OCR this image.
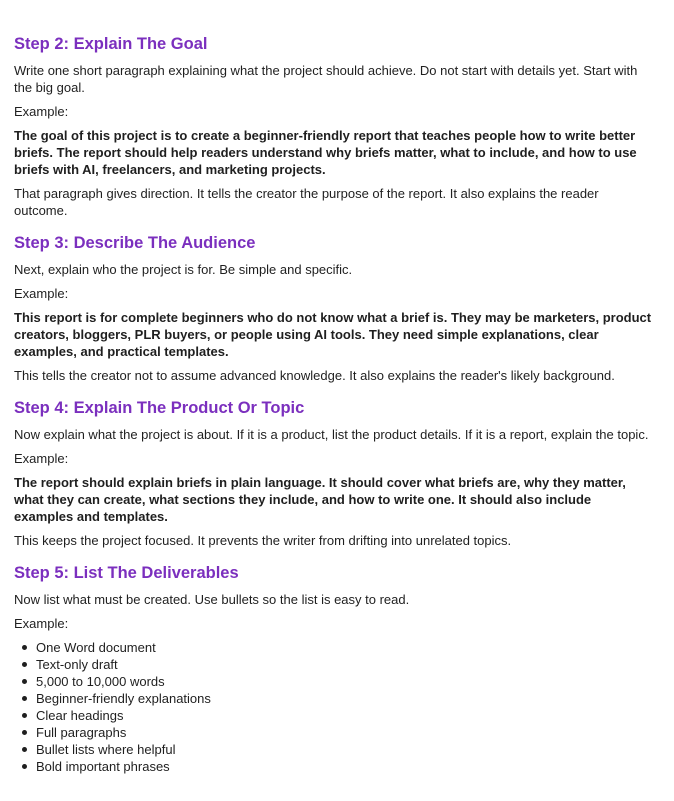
Step 2: Explain The Goal

Write one short paragraph explaining what the project should achieve. Do not start with details yet. Start with the big goal.

Example:

The goal of this project is to create a beginner-friendly report that teaches people how to write better briefs. The report should help readers understand why briefs matter, what to include, and how to use briefs with AI, freelancers, and marketing projects.

That paragraph gives direction. It tells the creator the purpose of the report. It also explains the reader outcome.

Step 3: Describe The Audience

Next, explain who the project is for. Be simple and specific.

Example:

This report is for complete beginners who do not know what a brief is. They may be marketers, product creators, bloggers, PLR buyers, or people using AI tools. They need simple explanations, clear examples, and practical templates.

This tells the creator not to assume advanced knowledge. It also explains the reader's likely background.

Step 4: Explain The Product Or Topic

Now explain what the project is about. If it is a product, list the product details. If it is a report, explain the topic.

Example:

The report should explain briefs in plain language. It should cover what briefs are, why they matter, what they can create, what sections they include, and how to write one. It should also include examples and templates.

This keeps the project focused. It prevents the writer from drifting into unrelated topics.

Step 5: List The Deliverables

Now list what must be created. Use bullets so the list is easy to read.

Example:

One Word document
Text-only draft
5,000 to 10,000 words
Beginner-friendly explanations
Clear headings
Full paragraphs
Bullet lists where helpful
Bold important phrases
